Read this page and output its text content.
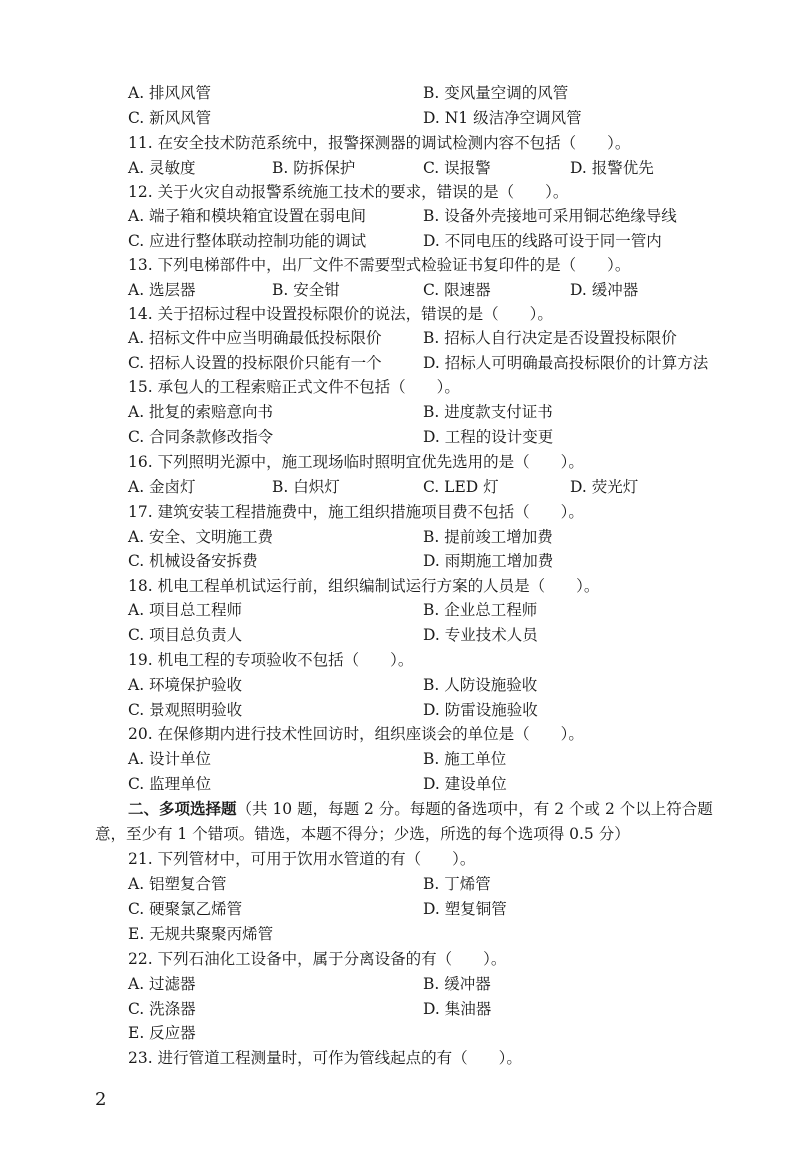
A. 排风风管	B. 变风量空调的风管
C. 新风风管	D. N1 级洁净空调风管
11. 在安全技术防范系统中，报警探测器的调试检测内容不包括（　　）。
A. 灵敏度	B. 防拆保护	C. 误报警	D. 报警优先
12. 关于火灾自动报警系统施工技术的要求，错误的是（　　）。
A. 端子箱和模块箱宜设置在弱电间	B. 设备外壳接地可采用铜芯绝缘导线
C. 应进行整体联动控制功能的调试	D. 不同电压的线路可设于同一管内
13. 下列电梯部件中，出厂文件不需要型式检验证书复印件的是（　　）。
A. 选层器	B. 安全钳	C. 限速器	D. 缓冲器
14. 关于招标过程中设置投标限价的说法，错误的是（　　）。
A. 招标文件中应当明确最低投标限价	B. 招标人自行决定是否设置投标限价
C. 招标人设置的投标限价只能有一个	D. 招标人可明确最高投标限价的计算方法
15. 承包人的工程索赔正式文件不包括（　　）。
A. 批复的索赔意向书	B. 进度款支付证书
C. 合同条款修改指令	D. 工程的设计变更
16. 下列照明光源中，施工现场临时照明宜优先选用的是（　　）。
A. 金卤灯	B. 白炽灯	C. LED 灯	D. 荧光灯
17. 建筑安装工程措施费中，施工组织措施项目费不包括（　　）。
A. 安全、文明施工费	B. 提前竣工增加费
C. 机械设备安拆费	D. 雨期施工增加费
18. 机电工程单机试运行前，组织编制试运行方案的人员是（　　）。
A. 项目总工程师	B. 企业总工程师
C. 项目总负责人	D. 专业技术人员
19. 机电工程的专项验收不包括（　　）。
A. 环境保护验收	B. 人防设施验收
C. 景观照明验收	D. 防雷设施验收
20. 在保修期内进行技术性回访时，组织座谈会的单位是（　　）。
A. 设计单位	B. 施工单位
C. 监理单位	D. 建设单位
二、多项选择题（共 10 题，每题 2 分。每题的备选项中，有 2 个或 2 个以上符合题
意，至少有 1 个错项。错选，本题不得分；少选，所选的每个选项得 0.5 分）
21. 下列管材中，可用于饮用水管道的有（　　）。
A. 铝塑复合管	B. 丁烯管
C. 硬聚氯乙烯管	D. 塑复铜管
E. 无规共聚聚丙烯管
22. 下列石油化工设备中，属于分离设备的有（　　）。
A. 过滤器	B. 缓冲器
C. 洗涤器	D. 集油器
E. 反应器
23. 进行管道工程测量时，可作为管线起点的有（　　）。
2
